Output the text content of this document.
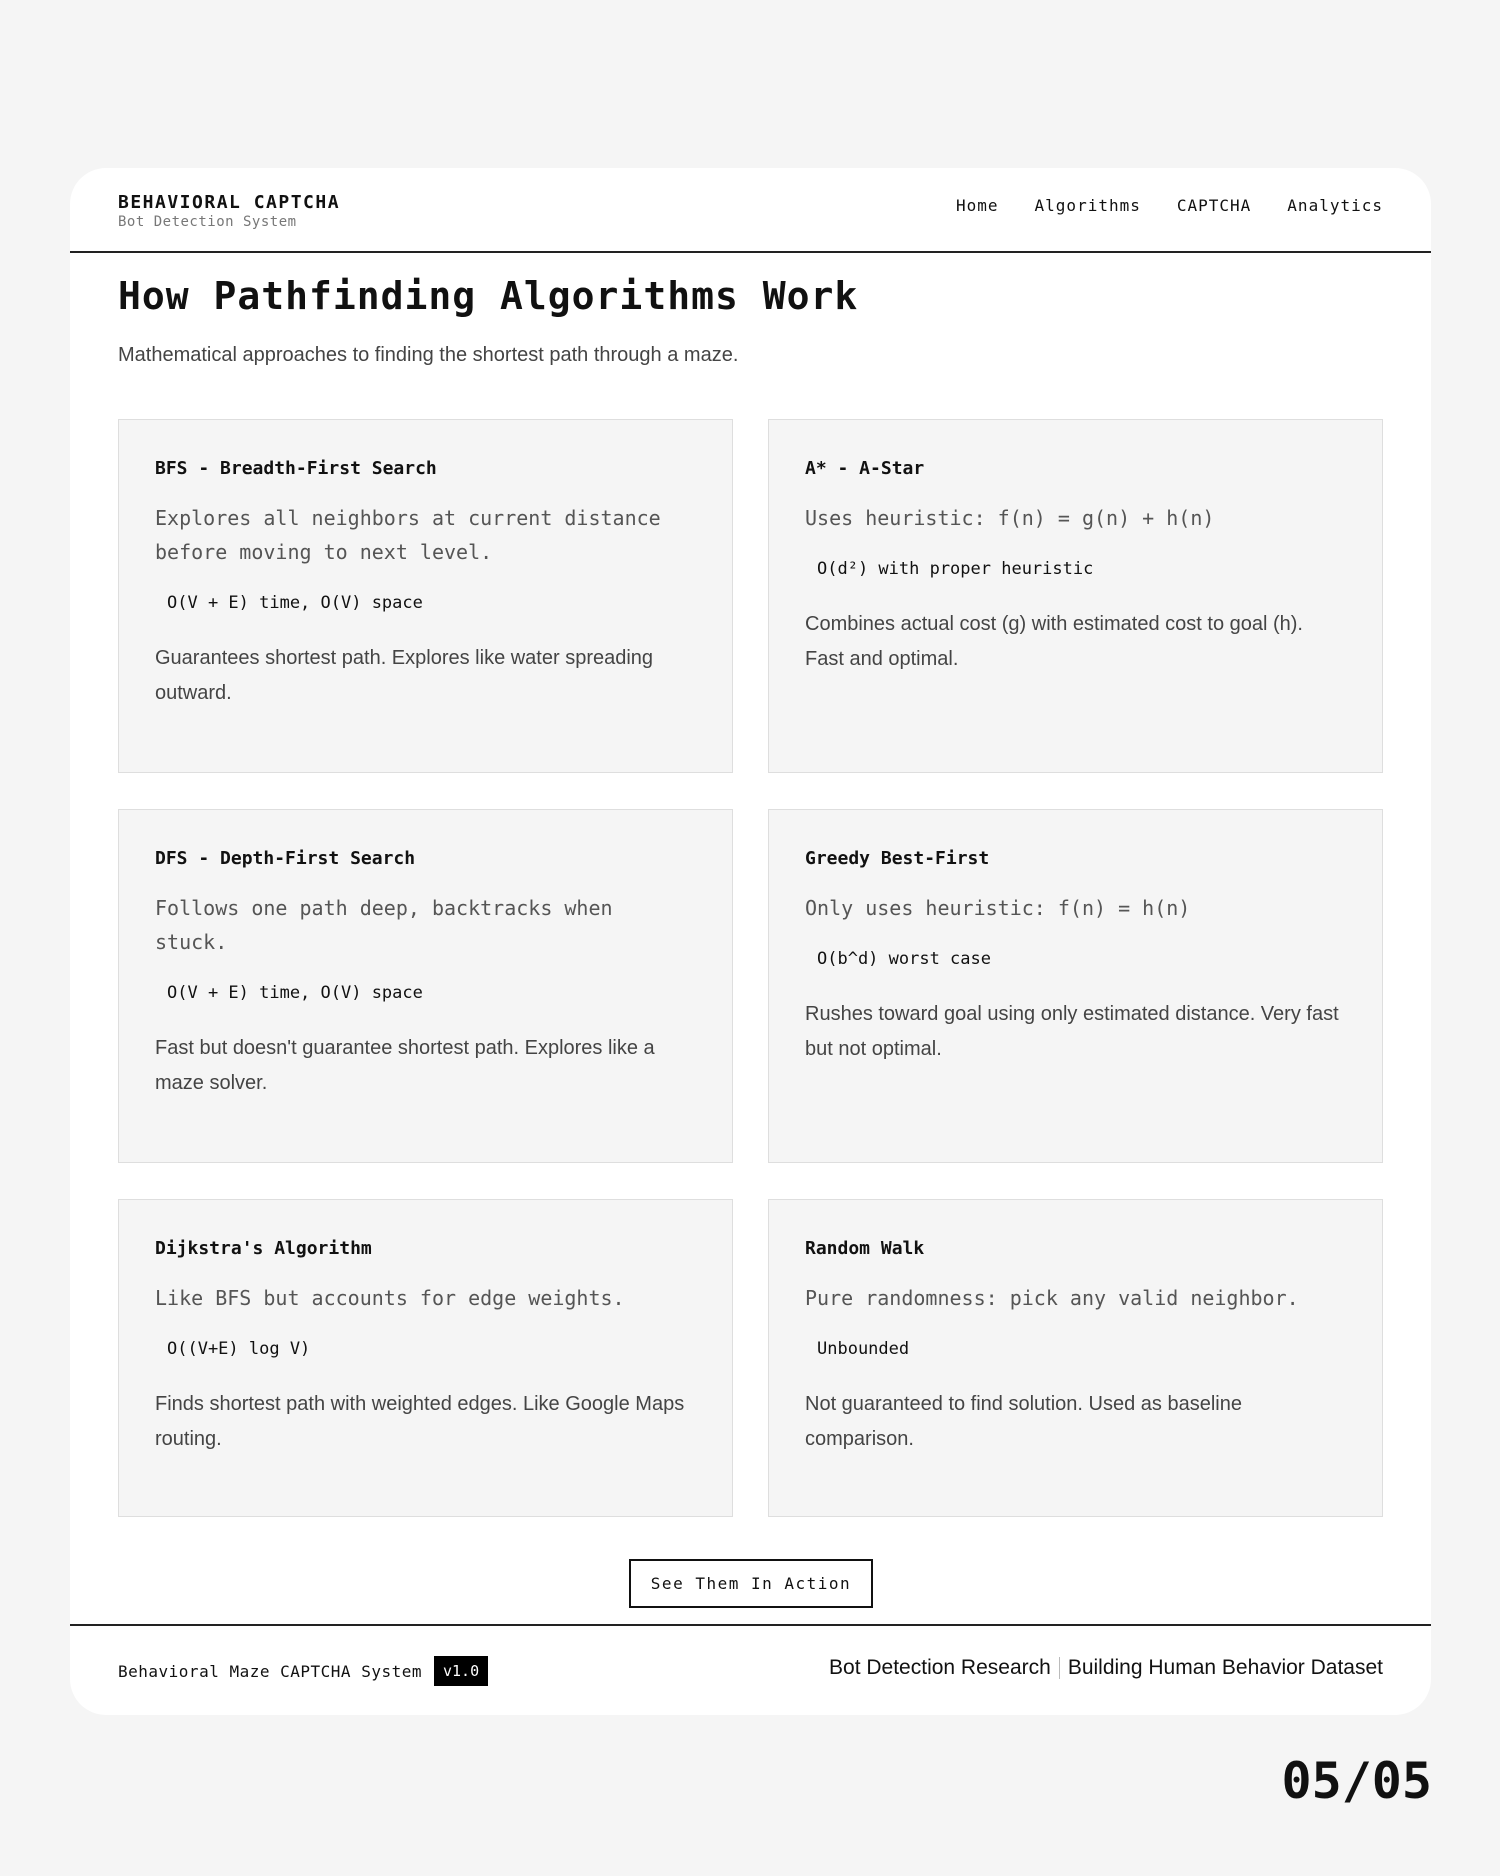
BEHAVIORAL CAPTCHA
Bot Detection System
Home Algorithms CAPTCHA Analytics
How Pathfinding Algorithms Work

Mathematical approaches to finding the shortest path through a maze.

BFS - Breadth-First Search
Explores all neighbors at current distance before moving to next level.
O(V + E) time, O(V) space
Guarantees shortest path. Explores like water spreading outward.
A* - A-Star
Uses heuristic: f(n) = g(n) + h(n)
O(d²) with proper heuristic
Combines actual cost (g) with estimated cost to goal (h). Fast and optimal.
DFS - Depth-First Search
Follows one path deep, backtracks when stuck.
O(V + E) time, O(V) space
Fast but doesn't guarantee shortest path. Explores like a maze solver.
Greedy Best-First
Only uses heuristic: f(n) = h(n)
O(b^d) worst case
Rushes toward goal using only estimated distance. Very fast but not optimal.
Dijkstra's Algorithm
Like BFS but accounts for edge weights.
O((V+E) log V)
Finds shortest path with weighted edges. Like Google Maps routing.
Random Walk
Pure randomness: pick any valid neighbor.
Unbounded
Not guaranteed to find solution. Used as baseline comparison.
See Them In Action
Behavioral Maze CAPTCHA System	v1.0	Bot Detection Research Building Human Behavior Dataset
05/05
